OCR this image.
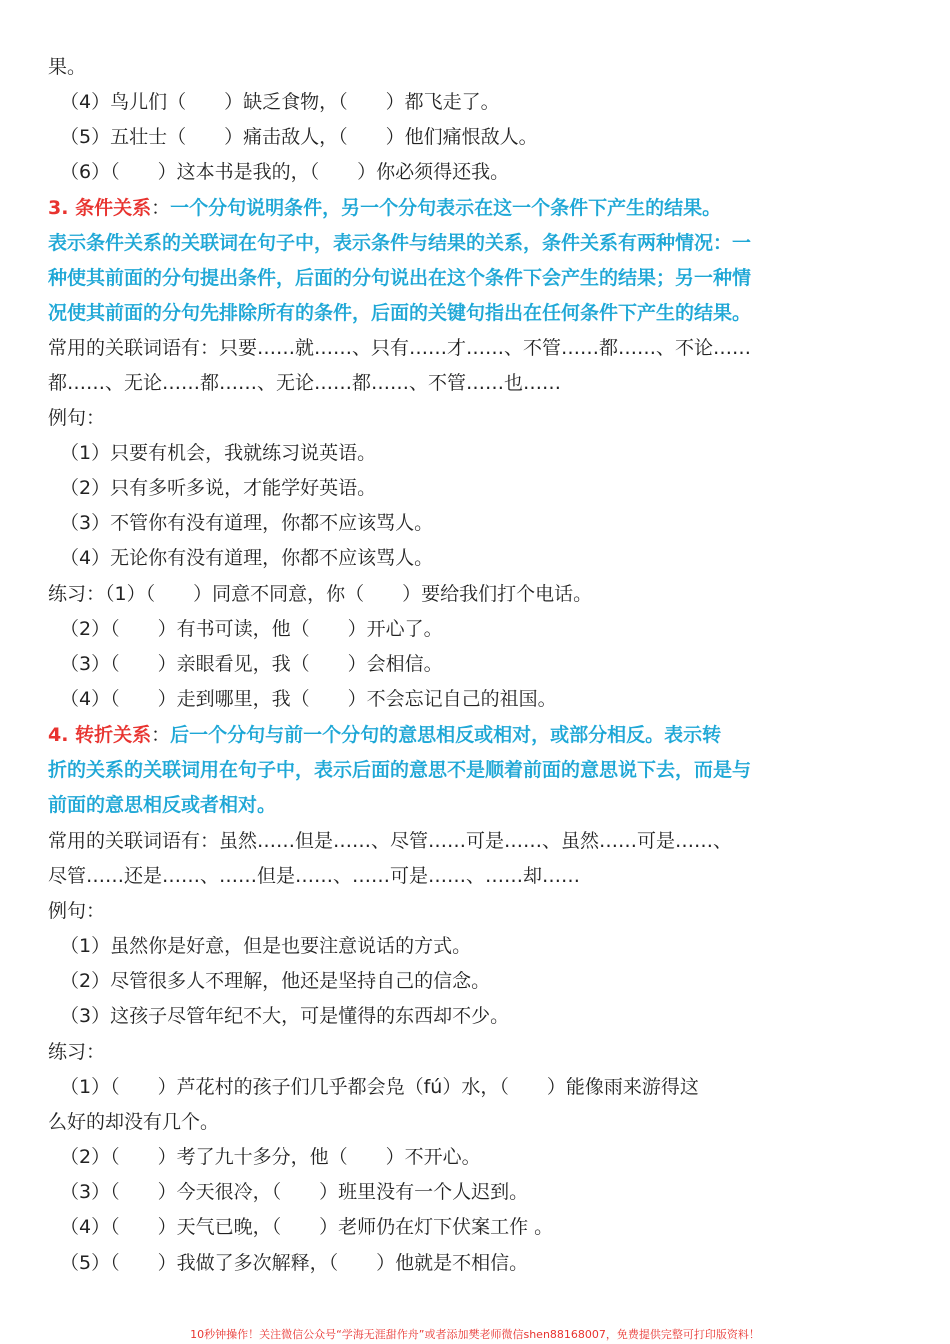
果。
（4）鸟儿们（　　）缺乏食物，（　　）都飞走了。
（5）五壮士（　　）痛击敌人，（　　）他们痛恨敌人。
（6）（　　）这本书是我的，（　　）你必须得还我。
3. 条件关系：一个分句说明条件，另一个分句表示在这一个条件下产生的结果。
表示条件关系的关联词在句子中，表示条件与结果的关系，条件关系有两种情况：一
种使其前面的分句提出条件，后面的分句说出在这个条件下会产生的结果；另一种情
况使其前面的分句先排除所有的条件，后面的关键句指出在任何条件下产生的结果。
常用的关联词语有：只要……就……、只有……才……、不管……都……、不论……
都……、无论……都……、无论……都……、不管……也……
例句：
（1）只要有机会，我就练习说英语。
（2）只有多听多说，才能学好英语。
（3）不管你有没有道理，你都不应该骂人。
（4）无论你有没有道理，你都不应该骂人。
练习：（1）（　　）同意不同意，你（　　）要给我们打个电话。
（2）（　　）有书可读，他（　　）开心了。
（3）（　　）亲眼看见，我（　　）会相信。
（4）（　　）走到哪里，我（　　）不会忘记自己的祖国。
4. 转折关系：后一个分句与前一个分句的意思相反或相对，或部分相反。表示转
折的关系的关联词用在句子中，表示后面的意思不是顺着前面的意思说下去，而是与
前面的意思相反或者相对。
常用的关联词语有：虽然……但是……、尽管……可是……、虽然……可是……、
尽管……还是……、……但是……、……可是……、……却……
例句：
（1）虽然你是好意，但是也要注意说话的方式。
（2）尽管很多人不理解，他还是坚持自己的信念。
（3）这孩子尽管年纪不大，可是懂得的东西却不少。
练习：
（1）（　　）芦花村的孩子们几乎都会凫（fú）水，（　　）能像雨来游得这
么好的却没有几个。
（2）（　　）考了九十多分，他（　　）不开心。
（3）（　　）今天很冷，（　　）班里没有一个人迟到。
（4）（　　）天气已晚，（　　）老师仍在灯下伏案工作 。
（5）（　　）我做了多次解释，（　　）他就是不相信。
10秒钟操作！关注微信公众号“学海无涯甜作舟”或者添加樊老师微信shen88168007，免费提供完整可打印版资料！
